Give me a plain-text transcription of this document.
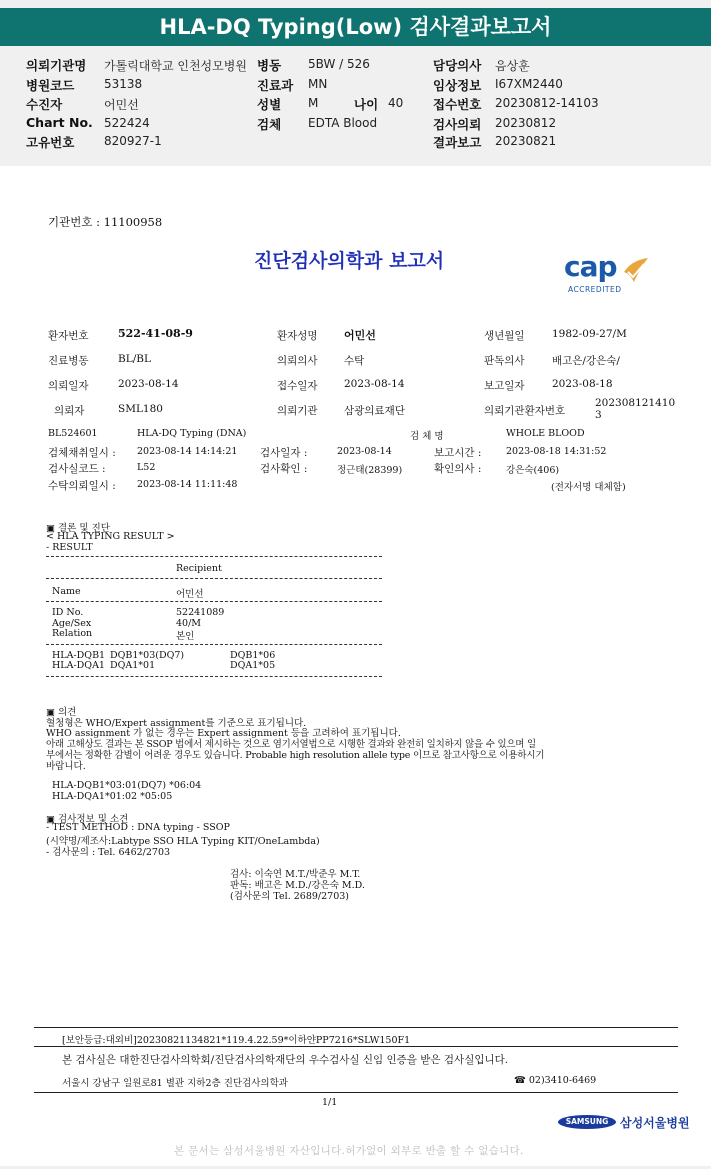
HLA-DQ Typing(Low) 검사결과보고서
의뢰기관명 가톨릭대학교 인천성모병원
병원코드 53138
수진자	어민선
Chart No. 522424
고유번호 820927-1
병동 5BW / 526
진료과 MN
성별 M	나이 40
검체 EDTA Blood
담당의사 음상훈
임상정보 I67XM2440
접수번호 20230812-14103
검사의뢰 20230812
결과보고 20230821
기관번호 : 11100958
진단검사의학과 보고서	cap
ACCREDITED
환자번호	522-41-08-9	환자성명 어민선	생년월일	1982-09-27/M
진료병동	BL/BL	의뢰의사	수탁	판독의사	배고은/강은숙/
의뢰일자	2023-08-14	접수일자	2023-08-14	보고일자	2023-08-18
의뢰자	SML180	의뢰기관	삼광의료재단	의뢰기관환자번호
2023081214103
BL524601	HLA-DQ Typing (DNA)	검 체 명	WHOLE BLOOD
검체채취일시 : 2023-08-14 14:14:21 검사일자 :	2023-08-14	보고시간 :	2023-08-18 14:31:52
검사실코드 :	L52	검사확인 :	정근태(28399)	확인의사 :	강은숙(406)
수탁의뢰일시 : 2023-08-14 11:11:48	(전자서명 대체함)
▣ 결론 및 진단
< HLA TYPING RESULT >
- RESULT
Recipient
Name	어민선
ID No.	52241089
Age/Sex	40/M
Relation	본인
HLA-DQB1 DQB1*03(DQ7)	DQB1*06
HLA-DQA1 DQA1*01	DQA1*05
▣ 의견
혈청형은 WHO/Expert assignment를 기준으로 표기됩니다.
WHO assignment 가 없는 경우는 Expert assignment 등을 고려하여 표기됩니다.
아래 고해상도 결과는 본 SSOP 법에서 제시하는 것으로 염기서열법으로 시행한 결과와 완전히 일치하지 않을 수 있으며 일
부에서는 정확한 감별이 어려운 경우도 있습니다. Probable high resolution allele type 이므로 참고사항으로 이용하시기
바랍니다.
HLA-DQB1*03:01(DQ7) *06:04
HLA-DQA1*01:02 *05:05
▣ 검사정보 및 소견
- TEST METHOD : DNA typing - SSOP
(시약명/제조사:Labtype SSO HLA Typing KIT/OneLambda)
- 검사문의 : Tel. 6462/2703
검사: 이숙연 M.T./박준우 M.T.
판독: 배고은 M.D./강은숙 M.D.
(검사문의 Tel. 2689/2703)
[보안등급:대외비]20230821134821*119.4.22.59*이하얀PP7216*SLW150F1
본 검사실은 대한진단검사의학회/진단검사의학재단의 우수검사실 신임 인증을 받은 검사실입니다.
서울시 강남구 일원로81 별관 지하2층 진단검사의학과	☎ 02)3410-6469
1/1
SAMSUNG 삼성서울병원
본 문서는 삼성서울병원 자산입니다.허가없이 외부로 반출 할 수 없습니다.
